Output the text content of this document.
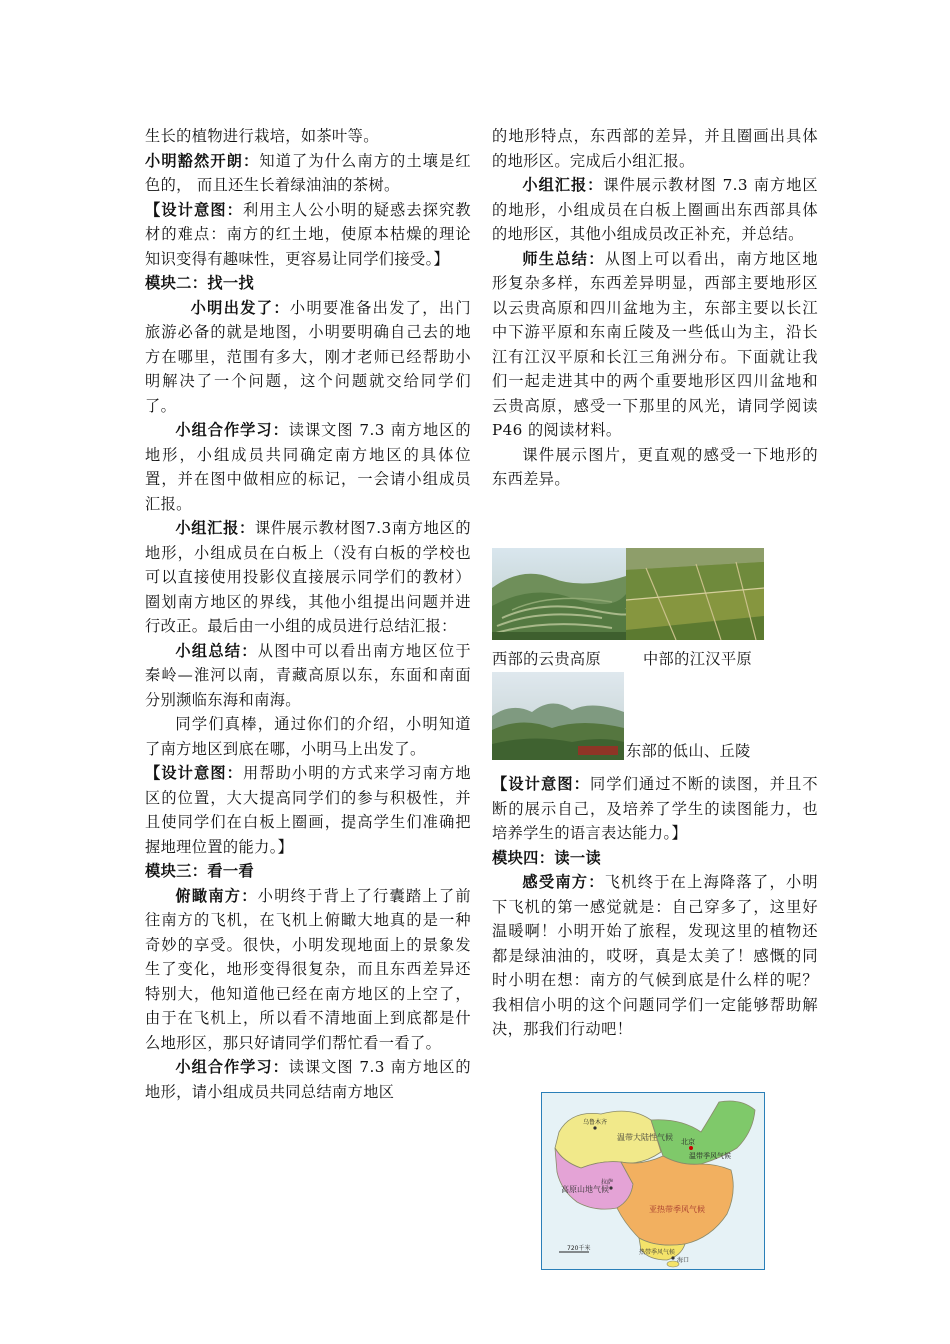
生长的植物进行栽培，如茶叶等。

小明豁然开朗：知道了为什么南方的土壤是红色的， 而且还生长着绿油油的茶树。

【设计意图：利用主人公小明的疑惑去探究教材的难点：南方的红土地，使原本枯燥的理论知识变得有趣味性，更容易让同学们接受。】

模块二：找一找

小明出发了：小明要准备出发了，出门旅游必备的就是地图，小明要明确自己去的地方在哪里，范围有多大，刚才老师已经帮助小明解决了一个问题，这个问题就交给同学们了。

小组合作学习：读课文图 7.3 南方地区的地形，小组成员共同确定南方地区的具体位置，并在图中做相应的标记，一会请小组成员汇报。

小组汇报：课件展示教材图7.3南方地区的地形，小组成员在白板上（没有白板的学校也可以直接使用投影仪直接展示同学们的教材）圈划南方地区的界线，其他小组提出问题并进行改正。最后由一小组的成员进行总结汇报：

小组总结：从图中可以看出南方地区位于秦岭—淮河以南，青藏高原以东，东面和南面分别濒临东海和南海。

同学们真棒，通过你们的介绍，小明知道了南方地区到底在哪，小明马上出发了。

【设计意图：用帮助小明的方式来学习南方地区的位置，大大提高同学们的参与积极性，并且使同学们在白板上圈画，提高学生们准确把握地理位置的能力。】

模块三：看一看

俯瞰南方：小明终于背上了行囊踏上了前往南方的飞机，在飞机上俯瞰大地真的是一种奇妙的享受。很快，小明发现地面上的景象发生了变化，地形变得很复杂，而且东西差异还特别大，他知道他已经在南方地区的上空了，由于在飞机上，所以看不清地面上到底都是什么地形区，那只好请同学们帮忙看一看了。

小组合作学习：读课文图 7.3 南方地区的地形，请小组成员共同总结南方地区

的地形特点，东西部的差异，并且圈画出具体的地形区。完成后小组汇报。

小组汇报：课件展示教材图 7.3 南方地区的地形，小组成员在白板上圈画出东西部具体的地形区，其他小组成员改正补充，并总结。

师生总结：从图上可以看出，南方地区地形复杂多样，东西差异明显，西部主要地形区以云贵高原和四川盆地为主，东部主要以长江中下游平原和东南丘陵及一些低山为主，沿长江有江汉平原和长江三角洲分布。下面就让我们一起走进其中的两个重要地形区四川盆地和云贵高原，感受一下那里的风光，请同学阅读 P46 的阅读材料。

课件展示图片，更直观的感受一下地形的东西差异。

西部的云贵高原	中部的江汉平原
东部的低山、丘陵

【设计意图：同学们通过不断的读图，并且不断的展示自己，及培养了学生的读图能力，也培养学生的语言表达能力。】

模块四：读一读

感受南方：飞机终于在上海降落了，小明下飞机的第一感觉就是：自己穿多了，这里好温暖啊！小明开始了旅程，发现这里的植物还都是绿油油的，哎呀，真是太美了！感慨的同时小明在想：南方的气候到底是什么样的呢？我相信小明的这个问题同学们一定能够帮助解决，那我们行动吧！

温带大陆性气候
高原山地气候
温带季风气候
亚热带季风气候
热带季风气候
北京
拉萨
海口
乌鲁木齐
720千米
